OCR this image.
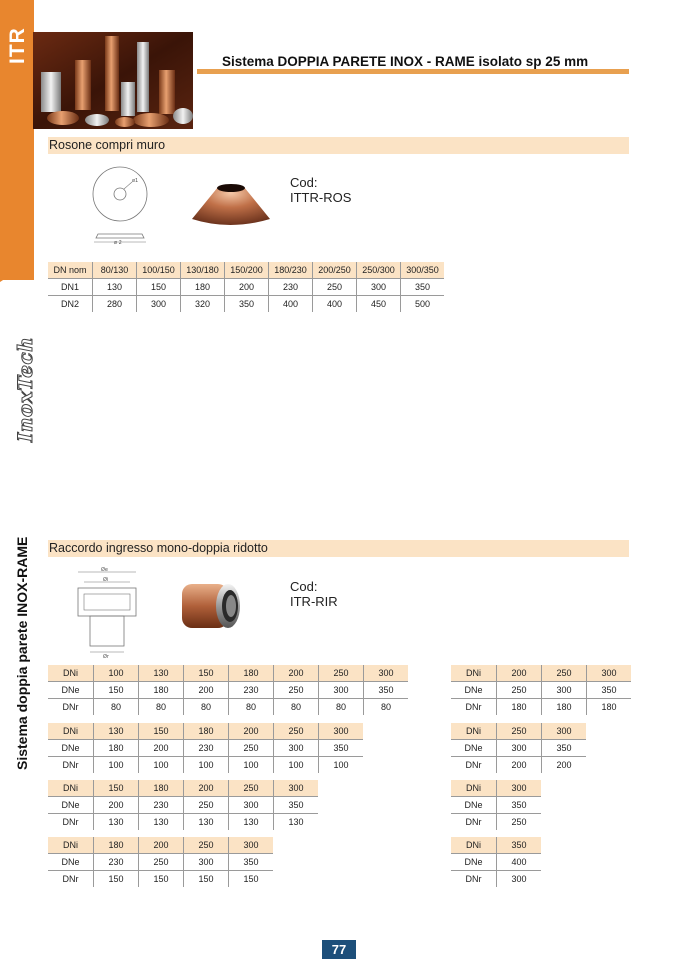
ITR
InoxTech
Sistema doppia parete INOX-RAME
Sistema DOPPIA PARETE INOX - RAME isolato sp 25 mm
Rosone compri muro
ø1
ø 2
Cod:
ITTR-ROS
DN nom	80/130	100/150	130/180	150/200	180/230	200/250	250/300	300/350
DN1	130	150	180	200	230	250	300	350
DN2	280	300	320	350	400	400	450	500
Raccordo ingresso mono-doppia ridotto
Øe
Øi
Ør
Cod:
ITR-RIR
DNi	100	130	150	180	200	250	300
DNe	150	180	200	230	250	300	350
DNr	80	80	80	80	80	80	80
DNi	130	150	180	200	250	300
DNe	180	200	230	250	300	350
DNr	100	100	100	100	100	100
DNi	150	180	200	250	300
DNe	200	230	250	300	350
DNr	130	130	130	130	130
DNi	180	200	250	300
DNe	230	250	300	350
DNr	150	150	150	150
DNi	200	250	300
DNe	250	300	350
DNr	180	180	180
DNi	250	300
DNe	300	350
DNr	200	200
DNi	300
DNe	350
DNr	250
DNi	350
DNe	400
DNr	300
77
